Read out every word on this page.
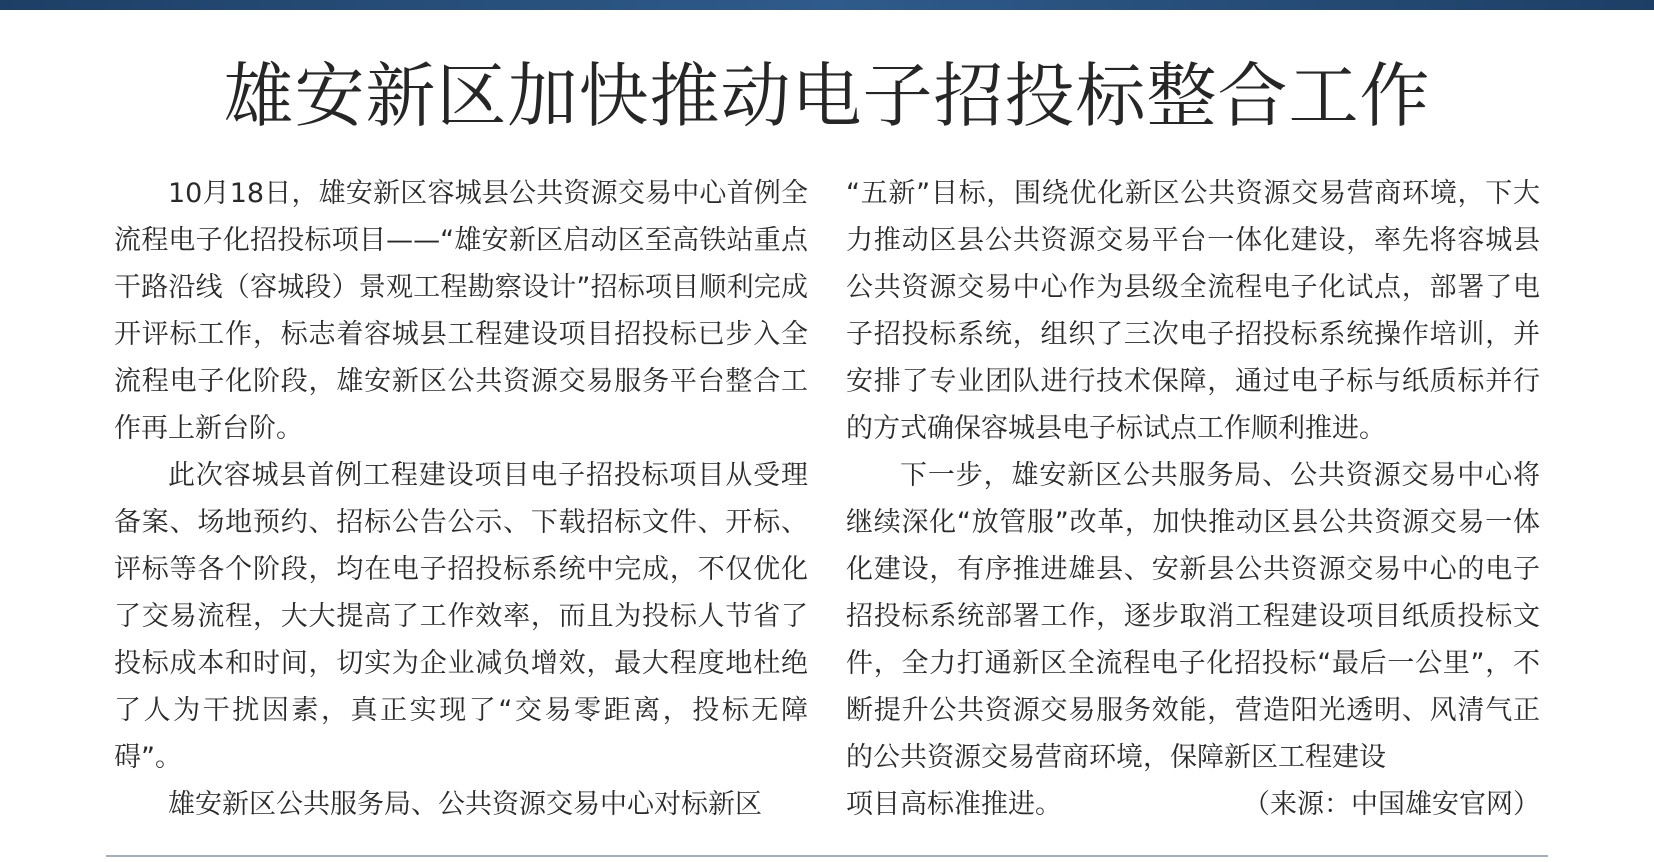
雄安新区加快推动电子招投标整合工作

10月18日，雄安新区容城县公共资源交易中心首例全流程电子化招投标项目——“雄安新区启动区至高铁站重点干路沿线（容城段）景观工程勘察设计”招标项目顺利完成开评标工作，标志着容城县工程建设项目招投标已步入全流程电子化阶段，雄安新区公共资源交易服务平台整合工作再上新台阶。

此次容城县首例工程建设项目电子招投标项目从受理备案、场地预约、招标公告公示、下载招标文件、开标、评标等各个阶段，均在电子招投标系统中完成，不仅优化了交易流程，大大提高了工作效率，而且为投标人节省了投标成本和时间，切实为企业减负增效，最大程度地杜绝了人为干扰因素，真正实现了“交易零距离，投标无障碍”。

雄安新区公共服务局、公共资源交易中心对标新区

“五新”目标，围绕优化新区公共资源交易营商环境，下大力推动区县公共资源交易平台一体化建设，率先将容城县公共资源交易中心作为县级全流程电子化试点，部署了电子招投标系统，组织了三次电子招投标系统操作培训，并安排了专业团队进行技术保障，通过电子标与纸质标并行的方式确保容城县电子标试点工作顺利推进。

下一步，雄安新区公共服务局、公共资源交易中心将继续深化“放管服”改革，加快推动区县公共资源交易一体化建设，有序推进雄县、安新县公共资源交易中心的电子招投标系统部署工作，逐步取消工程建设项目纸质投标文件，全力打通新区全流程电子化招投标“最后一公里”，不断提升公共资源交易服务效能，营造阳光透明、风清气正的公共资源交易营商环境，保障新区工程建设

项目高标准推进。	（来源：中国雄安官网）
